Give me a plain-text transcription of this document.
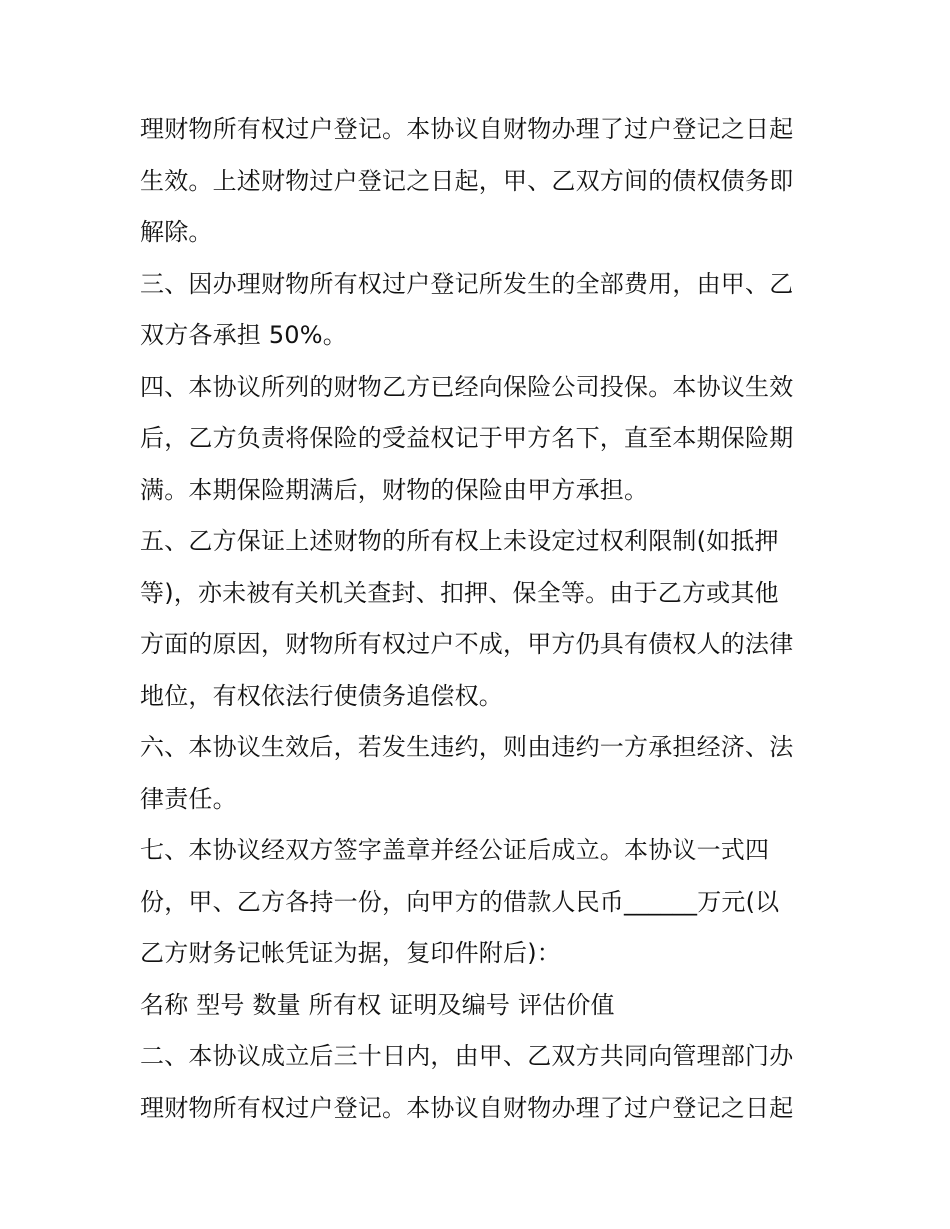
理财物所有权过户登记。本协议自财物办理了过户登记之日起
生效。上述财物过户登记之日起，甲、乙双方间的债权债务即
解除。
三、因办理财物所有权过户登记所发生的全部费用，由甲、乙
双方各承担 50%。
四、本协议所列的财物乙方已经向保险公司投保。本协议生效
后，乙方负责将保险的受益权记于甲方名下，直至本期保险期
满。本期保险期满后，财物的保险由甲方承担。
五、乙方保证上述财物的所有权上未设定过权利限制(如抵押
等)，亦未被有关机关查封、扣押、保全等。由于乙方或其他
方面的原因，财物所有权过户不成，甲方仍具有债权人的法律
地位，有权依法行使债务追偿权。
六、本协议生效后，若发生违约，则由违约一方承担经济、法
律责任。
七、本协议经双方签字盖章并经公证后成立。本协议一式四
份，甲、乙方各持一份，向甲方的借款人民币______万元(以
乙方财务记帐凭证为据，复印件附后)：
名称 型号 数量 所有权 证明及编号 评估价值
二、本协议成立后三十日内，由甲、乙双方共同向管理部门办
理财物所有权过户登记。本协议自财物办理了过户登记之日起
